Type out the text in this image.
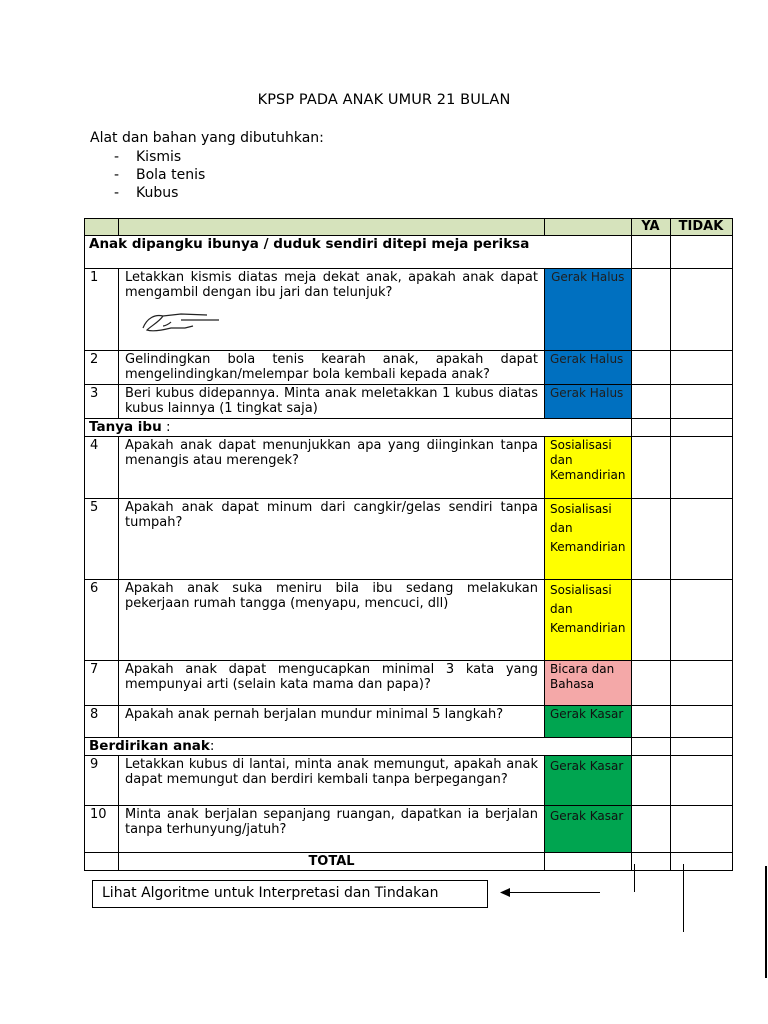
KPSP PADA ANAK UMUR 21 BULAN
Alat dan bahan yang dibutuhkan:
- Kismis
- Bola tenis
- Kubus
			YA	TIDAK
Anak dipangku ibunya / duduk sendiri ditepi meja periksa				
1	Letakkan kismis diatas meja dekat anak, apakah anak dapat mengambil dengan ibu jari dan telunjuk?	Gerak Halus		
2	Gelindingkan bola tenis kearah anak, apakah dapat mengelindingkan/melempar bola kembali kepada anak?	Gerak Halus		
3	Beri kubus didepannya. Minta anak meletakkan 1 kubus diatas kubus lainnya (1 tingkat saja)	Gerak Halus		
Tanya ibu :				
4	Apakah anak dapat menunjukkan apa yang diinginkan tanpa menangis atau merengek?	Sosialisasi dan Kemandirian		
5	Apakah anak dapat minum dari cangkir/gelas sendiri tanpa tumpah?	Sosialisasi dan Kemandirian		
6	Apakah anak suka meniru bila ibu sedang melakukan pekerjaan rumah tangga (menyapu, mencuci, dll)	Sosialisasi dan Kemandirian		
7	Apakah anak dapat mengucapkan minimal 3 kata yang mempunyai arti (selain kata mama dan papa)?	Bicara dan Bahasa		
8	Apakah anak pernah berjalan mundur minimal 5 langkah?	Gerak Kasar		
Berdirikan anak:				
9	Letakkan kubus di lantai, minta anak memungut, apakah anak dapat memungut dan berdiri kembali tanpa berpegangan?	Gerak Kasar		
10	Minta anak berjalan sepanjang ruangan, dapatkan ia berjalan tanpa terhunyung/jatuh?	Gerak Kasar		
	TOTAL			
Lihat Algoritme untuk Interpretasi dan Tindakan
